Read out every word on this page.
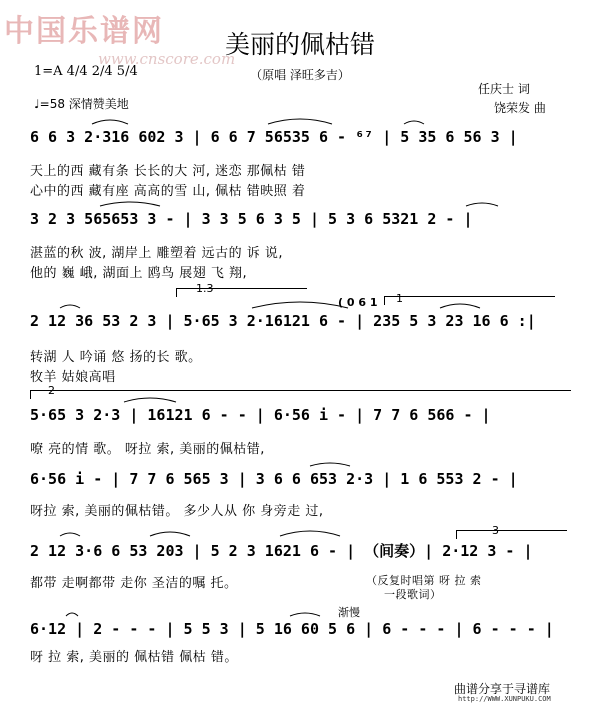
中国乐谱网
www.cnscore.com
美丽的佩枯错
（原唱 泽旺多吉）
1=A 4/4 2/4 5/4
♩=58 深情赞美地
任庆士 词
饶荣发 曲
6 6 3 2·316 602 3 | 6 6 7 56535 6 - ⁶⁷ | 5 35 6 56 3 |
天上的西 藏有条 长长的大 河, 迷恋 那佩枯 错
心中的西 藏有座 高高的雪 山, 佩枯 错映照 着
3 2 3 565653 3 - | 3 3 5 6 3 5 | 5 3 6 5321 2 - |
湛蓝的秋 波, 湖岸上 雕塑着 远古的 诉 说,
他的 巍 峨, 湖面上 鸥鸟 展翅 飞 翔,
1.3
( 0 6 1 1
2 12 36 53 2 3 | 5·65 3 2·16121 6 - | 235 5 3 23 16 6 :|
转湖 人 吟诵 悠 扬的长 歌。
牧羊 姑娘高唱
2
5·65 3 2·3 | 16121 6 - - | 6·56 i - | 7 7 6 566 - |
嘹 亮的情 歌。 呀拉 索, 美丽的佩枯错,
6·56 i - | 7 7 6 565 3 | 3 6 6 653 2·3 | 1 6 553 2 - |
呀拉 索, 美丽的佩枯错。 多少人从 你 身旁走 过,
3
2 12 3·6 6 53 203 | 5 2 3 1621 6 - | （间奏）| 2·12 3 - |
都带 走啊都带 走你 圣洁的嘱 托。	（反复时唱第 呀 拉 索
一段歌词）
渐慢
6·12 | 2 - - - | 5 5 3 | 5 16 60 5 6 | 6 - - - | 6 - - - |
呀 拉 索, 美丽的 佩枯错 佩枯 错。
曲谱分享于寻谱库
http://WWW.XUNPUKU.COM
